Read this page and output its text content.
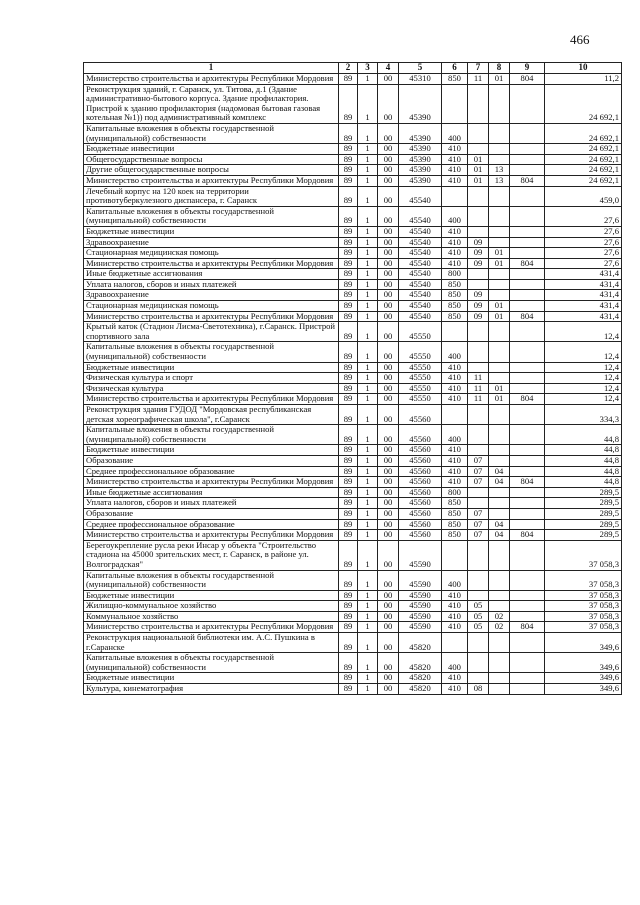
466
1	2	3	4	5	6	7	8	9	10
Министерство строительства и архитектуры Республики Мордовия	89	1	00	45310	850	11	01	804	11,2
Реконструкция зданий, г. Саранск, ул. Титова, д.1 (Здание административно-бытового корпуса. Здание профилактория. Пристрой к зданию профилактория (надомовая бытовая газовая котельная №1)) под административный комплекс	89	1	00	45390					24 692,1
Капитальные вложения в объекты государственной (муниципальной) собственности	89	1	00	45390	400				24 692,1
Бюджетные инвестиции	89	1	00	45390	410				24 692,1
Общегосударственные вопросы	89	1	00	45390	410	01			24 692,1
Другие общегосударственные вопросы	89	1	00	45390	410	01	13		24 692,1
Министерство строительства и архитектуры Республики Мордовия	89	1	00	45390	410	01	13	804	24 692,1
Лечебный корпус на 120 коек на территории противотуберкулезного диспансера, г. Саранск	89	1	00	45540					459,0
Капитальные вложения в объекты государственной (муниципальной) собственности	89	1	00	45540	400				27,6
Бюджетные инвестиции	89	1	00	45540	410				27,6
Здравоохранение	89	1	00	45540	410	09			27,6
Стационарная медицинская помощь	89	1	00	45540	410	09	01		27,6
Министерство строительства и архитектуры Республики Мордовия	89	1	00	45540	410	09	01	804	27,6
Иные бюджетные ассигнования	89	1	00	45540	800				431,4
Уплата налогов, сборов и иных платежей	89	1	00	45540	850				431,4
Здравоохранение	89	1	00	45540	850	09			431,4
Стационарная медицинская помощь	89	1	00	45540	850	09	01		431,4
Министерство строительства и архитектуры Республики Мордовия	89	1	00	45540	850	09	01	804	431,4
Крытый каток (Стадион Лисма-Светотехника), г.Саранск. Пристрой спортивного зала	89	1	00	45550					12,4
Капитальные вложения в объекты государственной (муниципальной) собственности	89	1	00	45550	400				12,4
Бюджетные инвестиции	89	1	00	45550	410				12,4
Физическая культура и спорт	89	1	00	45550	410	11			12,4
Физическая культура	89	1	00	45550	410	11	01		12,4
Министерство строительства и архитектуры Республики Мордовия	89	1	00	45550	410	11	01	804	12,4
Реконструкция здания ГУДОД "Мордовская республиканская детская хореографическая школа", г.Саранск	89	1	00	45560					334,3
Капитальные вложения в объекты государственной (муниципальной) собственности	89	1	00	45560	400				44,8
Бюджетные инвестиции	89	1	00	45560	410				44,8
Образование	89	1	00	45560	410	07			44,8
Среднее профессиональное образование	89	1	00	45560	410	07	04		44,8
Министерство строительства и архитектуры Республики Мордовия	89	1	00	45560	410	07	04	804	44,8
Иные бюджетные ассигнования	89	1	00	45560	800				289,5
Уплата налогов, сборов и иных платежей	89	1	00	45560	850				289,5
Образование	89	1	00	45560	850	07			289,5
Среднее профессиональное образование	89	1	00	45560	850	07	04		289,5
Министерство строительства и архитектуры Республики Мордовия	89	1	00	45560	850	07	04	804	289,5
Берегоукрепление русла реки Инсар у объекта "Строительство стадиона на 45000 зрительских мест, г. Саранск, в районе ул. Волгоградская"	89	1	00	45590					37 058,3
Капитальные вложения в объекты государственной (муниципальной) собственности	89	1	00	45590	400				37 058,3
Бюджетные инвестиции	89	1	00	45590	410				37 058,3
Жилищно-коммунальное хозяйство	89	1	00	45590	410	05			37 058,3
Коммунальное хозяйство	89	1	00	45590	410	05	02		37 058,3
Министерство строительства и архитектуры Республики Мордовия	89	1	00	45590	410	05	02	804	37 058,3
Реконструкция национальной библиотеки им. А.С. Пушкина в г.Саранске	89	1	00	45820					349,6
Капитальные вложения в объекты государственной (муниципальной) собственности	89	1	00	45820	400				349,6
Бюджетные инвестиции	89	1	00	45820	410				349,6
Культура, кинематография	89	1	00	45820	410	08			349,6
